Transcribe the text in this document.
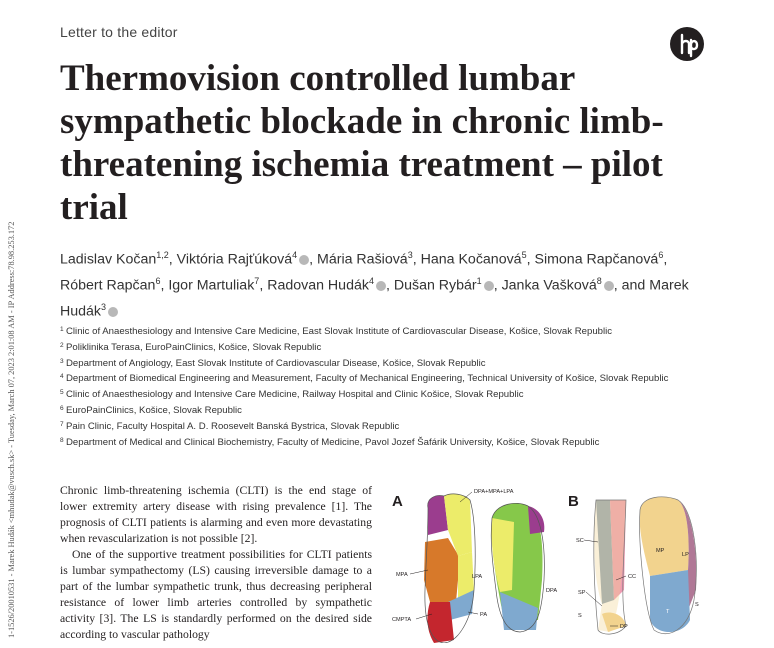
1-1526/20010531 - Marek Hudák <mhudak@vusch.sk> - Tuesday, March 07, 2023 2:01:08 AM - IP Address:78.98.253.172
Letter to the editor
Thermovision controlled lumbar sympathetic blockade in chronic limb-threatening ischemia treatment – pilot trial
Ladislav Kočan$^{1,2}$, Viktória Rajťúková$^4$ , Mária Rašiová$^3$, Hana Kočanová$^5$, Simona Rapčanová$^6$, Róbert Rapčan$^6$, Igor Martuliak$^7$, Radovan Hudák$^4$ , Dušan Rybár$^1$ , Janka Vašková$^8$ , and Marek Hudák$^3$
1 Clinic of Anaesthesiology and Intensive Care Medicine, East Slovak Institute of Cardiovascular Disease, Košice, Slovak Republic
2 Poliklinika Terasa, EuroPainClinics, Košice, Slovak Republic
3 Department of Angiology, East Slovak Institute of Cardiovascular Disease, Košice, Slovak Republic
4 Department of Biomedical Engineering and Measurement, Faculty of Mechanical Engineering, Technical University of Košice, Slovak Republic
5 Clinic of Anaesthesiology and Intensive Care Medicine, Railway Hospital and Clinic Košice, Slovak Republic
6 EuroPainClinics, Košice, Slovak Republic
7 Pain Clinic, Faculty Hospital A. D. Roosevelt Banská Bystrica, Slovak Republic
8 Department of Medical and Clinical Biochemistry, Faculty of Medicine, Pavol Jozef Šafárik University, Košice, Slovak Republic

Chronic limb-threatening ischemia (CLTI) is the end stage of lower extremity artery disease with rising prevalence [1]. The prognosis of CLTI patients is alarming and even more devastating when revascularization is not possible [2].

One of the supportive treatment possibilities for CLTI patients is lumbar sympathectomy (LS) causing irreversible damage to a part of the lumbar sympathetic trunk, thus decreasing peripheral resistance of lower limb arteries controlled by sympathetic activity [3]. The LS is standardly performed on the desired side according to vascular pathology

A
DPA+MPA+LPA
MPA	LPA
DPA
PA
CMPTA
B
SC
MP
LP
CC
SP
S
DP
T
S
